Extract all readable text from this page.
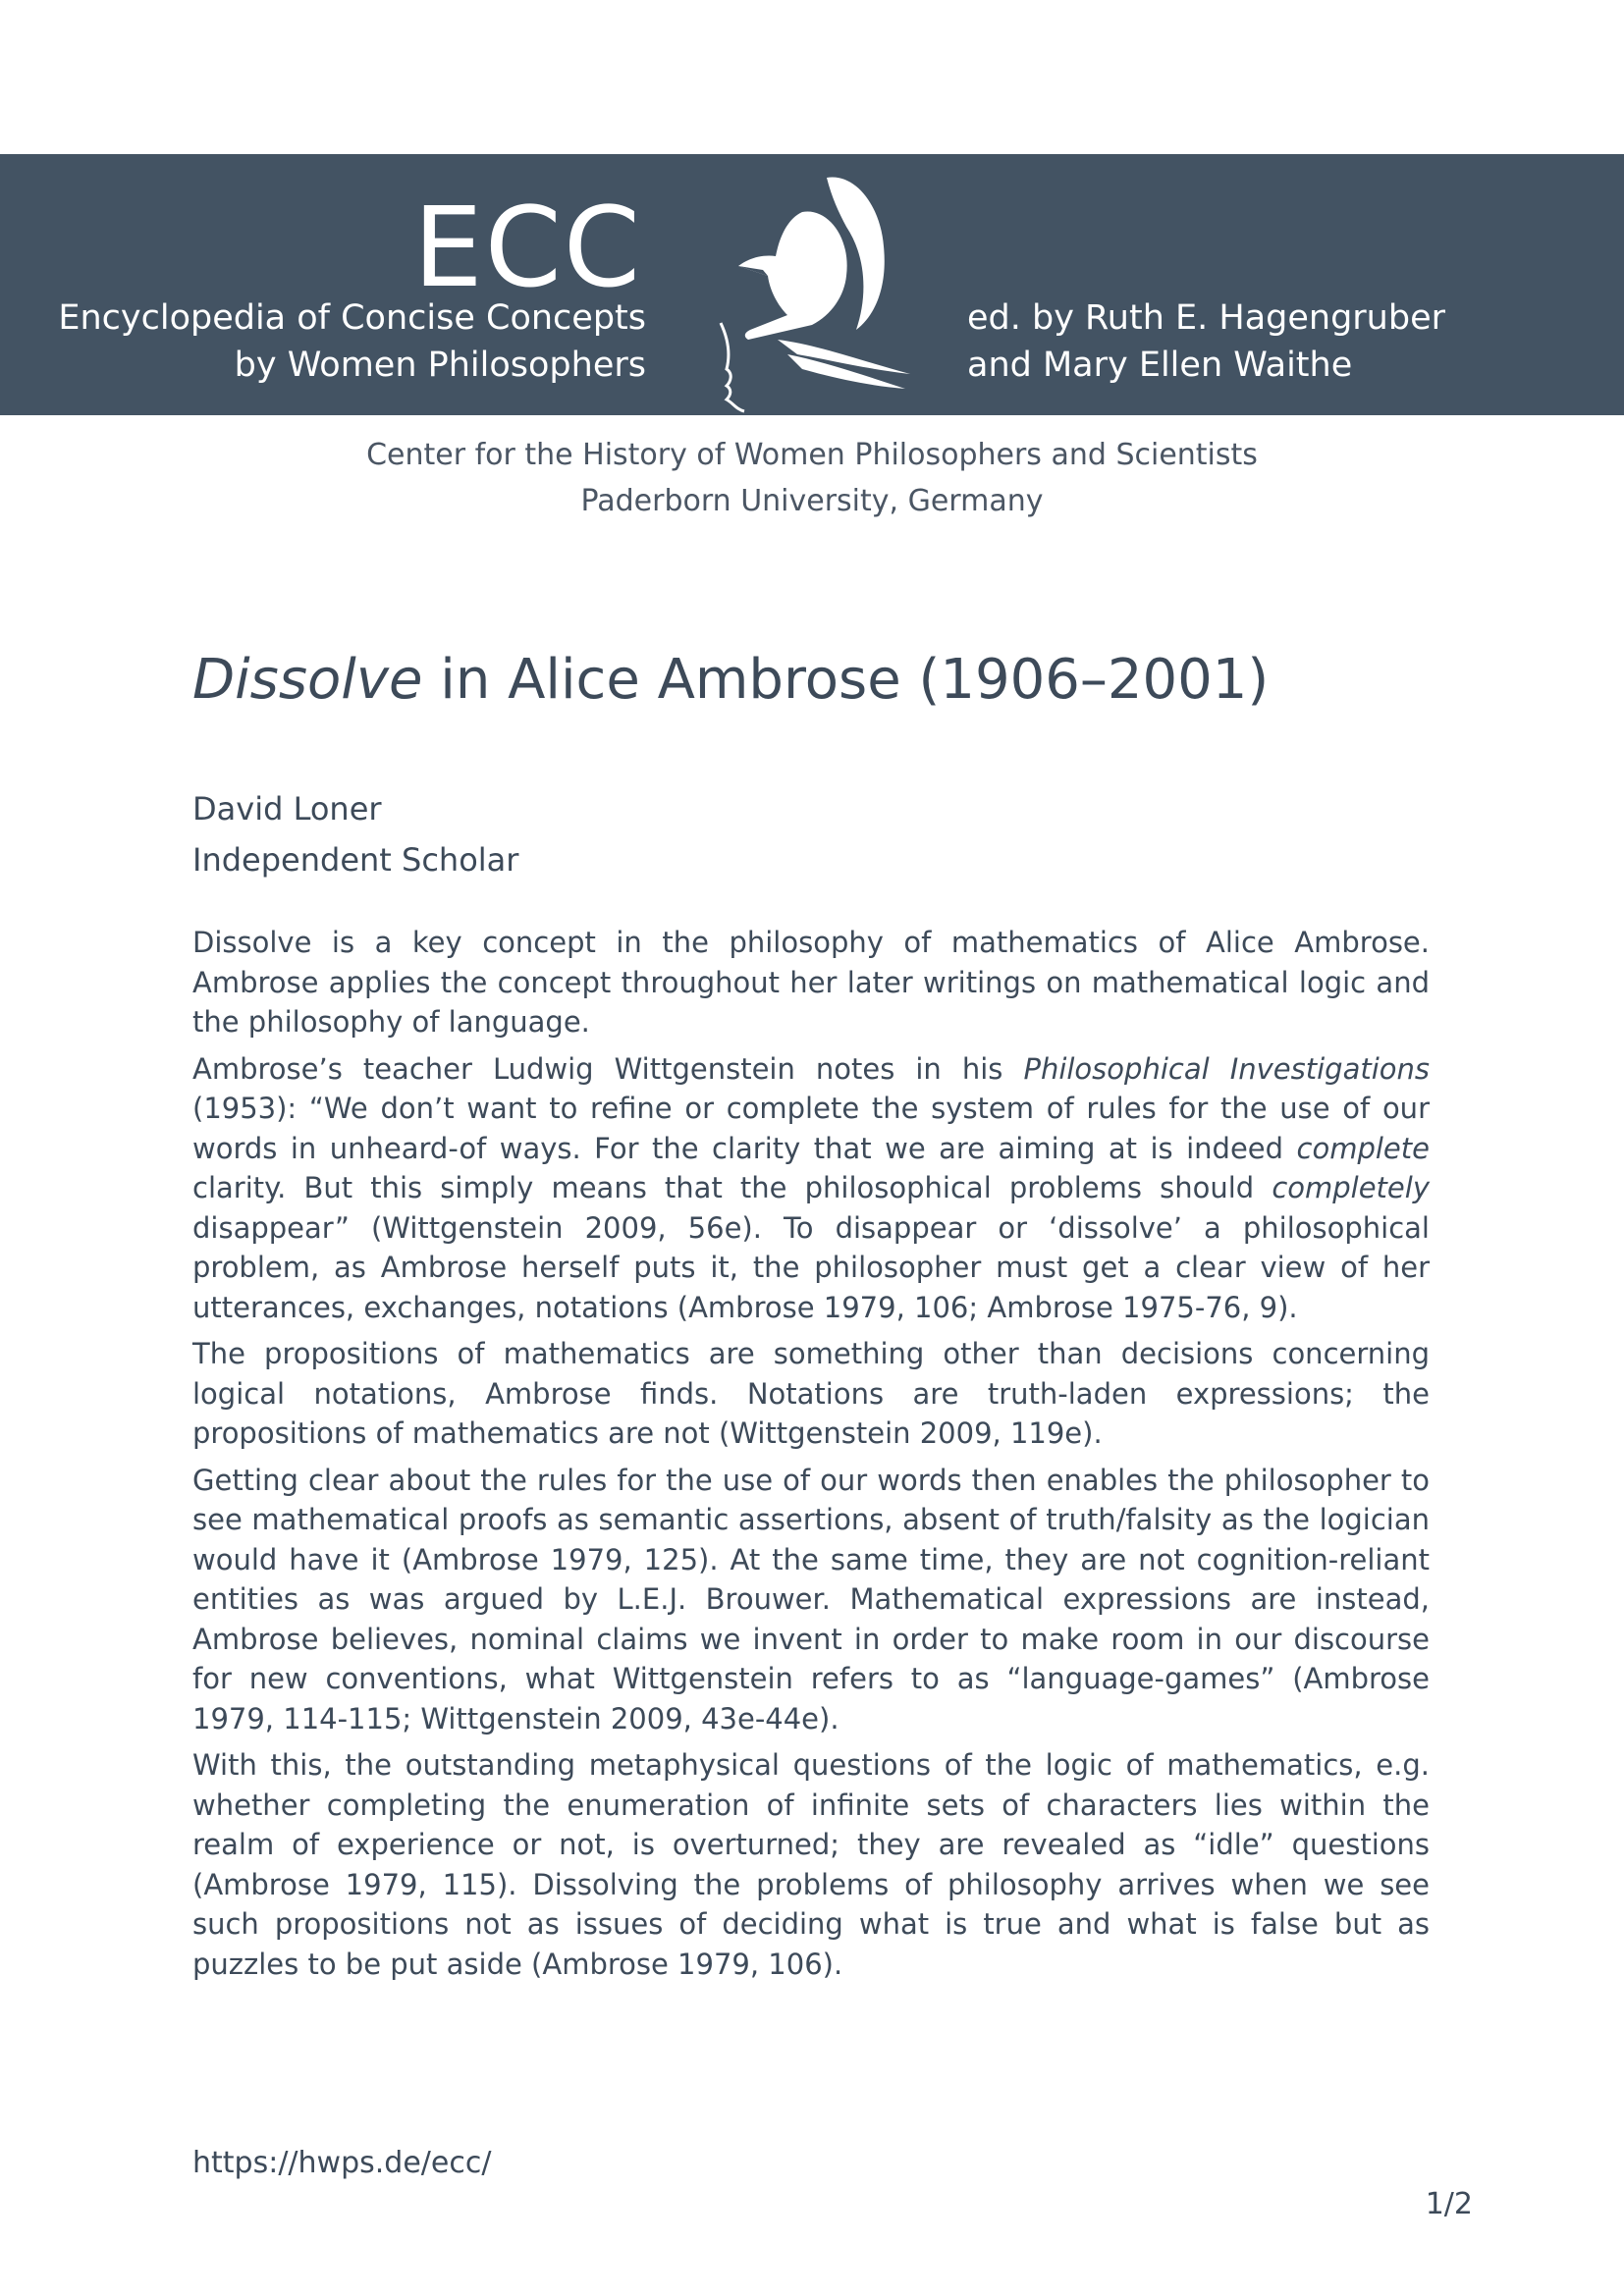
ECC
Encyclopedia of Concise Concepts
by Women Philosophers
ed. by Ruth E. Hagengruber
and Mary Ellen Waithe
Center for the History of Women Philosophers and Scientists
Paderborn University, Germany
Dissolve in Alice Ambrose (1906–2001)
David Loner
Independent Scholar

Dissolve is a key concept in the philosophy of mathematics of Alice Ambrose. Ambrose applies the concept throughout her later writings on mathematical logic and the philosophy of language.

Ambrose’s teacher Ludwig Wittgenstein notes in his Philosophical Investigations (1953): “We don’t want to refine or complete the system of rules for the use of our words in unheard-of ways. For the clarity that we are aiming at is indeed complete clarity. But this simply means that the philosophical problems should completely disappear” (Wittgenstein 2009, 56e). To disappear or ‘dissolve’ a philosophical problem, as Ambrose herself puts it, the philosopher must get a clear view of her utterances, exchanges, notations (Ambrose 1979, 106; Ambrose 1975-76, 9).

The propositions of mathematics are something other than decisions concerning logical notations, Ambrose finds. Notations are truth-laden expressions; the propositions of mathematics are not (Wittgenstein 2009, 119e).

Getting clear about the rules for the use of our words then enables the philosopher to see mathematical proofs as semantic assertions, absent of truth/falsity as the logician would have it (Ambrose 1979, 125). At the same time, they are not cognition-reliant entities as was argued by L.E.J. Brouwer. Mathematical expressions are instead, Ambrose believes, nominal claims we invent in order to make room in our discourse for new conventions, what Wittgenstein refers to as “language-games” (Ambrose 1979, 114-115; Wittgenstein 2009, 43e-44e).

With this, the outstanding metaphysical questions of the logic of mathematics, e.g. whether completing the enumeration of infinite sets of characters lies within the realm of experience or not, is overturned; they are revealed as “idle” questions (Ambrose 1979, 115). Dissolving the problems of philosophy arrives when we see such propositions not as issues of deciding what is true and what is false but as puzzles to be put aside (Ambrose 1979, 106).

https://hwps.de/ecc/
1/2
